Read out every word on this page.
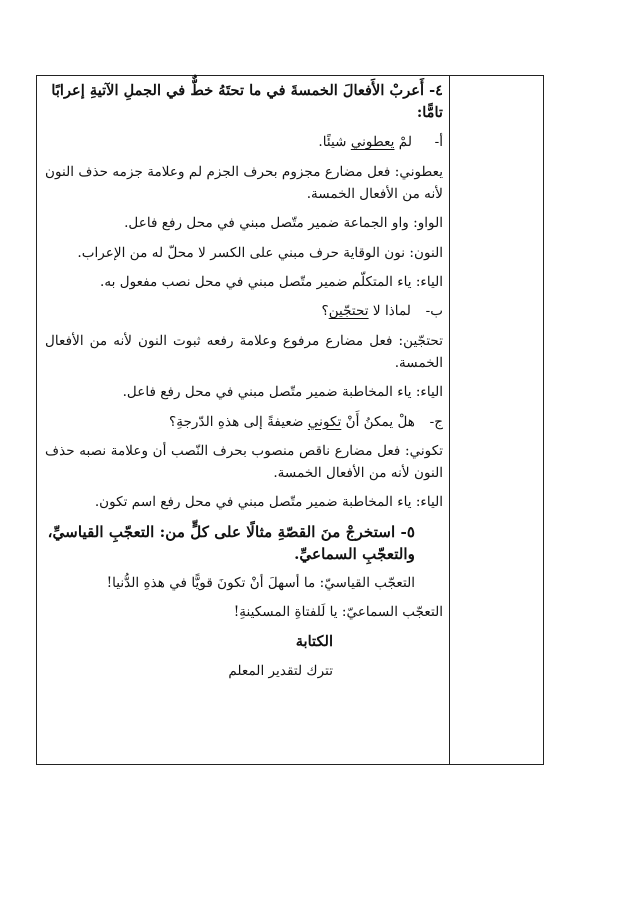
٤- أَعربْ الأَفعالَ الخمسةَ في ما تحتَهُ خطٌّ في الجملِ الآتيةِ إعرابًا تامًّا:
أ-  لمْ يعطوني شيئًا.
يعطوني: فعل مضارع مجزوم بحرف الجزم لم وعلامة جزمه حذف النون لأنه من الأفعال الخمسة.
الواو: واو الجماعة ضمير متّصل مبني في محل رفع فاعل.
النون: نون الوقاية حرف مبني على الكسر لا محلّ له من الإعراب.
الياء: ياء المتكلّم ضمير متّصل مبني في محل نصب مفعول به.
ب-  لماذا لا تحتجّين؟
تحتجّين: فعل مضارع مرفوع وعلامة رفعه ثبوت النون لأنه من الأفعال الخمسة.
الياء: ياء المخاطبة ضمير متّصل مبني في محل رفع فاعل.
ج-  هلْ يمكنُ أَنْ تكوني ضعيفةً إلى هذهِ الدّرجةِ؟
تكوني: فعل مضارع ناقص منصوب بحرف النّصب أن وعلامة نصبه حذف النون لأنه من الأفعال الخمسة.
الياء: ياء المخاطبة ضمير متّصل مبني في محل رفع اسم تكون.
٥- استخرجْ منَ القصّةِ مثالًا على كلٍّ من: التعجّبِ القياسيِّ، والتعجّبِ السماعيِّ.
التعجّب القياسيّ: ما أسهلَ أنْ تكونَ قويًّا في هذهِ الدُّنيا!
التعجّب السماعيّ: يا لَلفتاةِ المسكينةِ!
الكتابة
تترك لتقدير المعلم
